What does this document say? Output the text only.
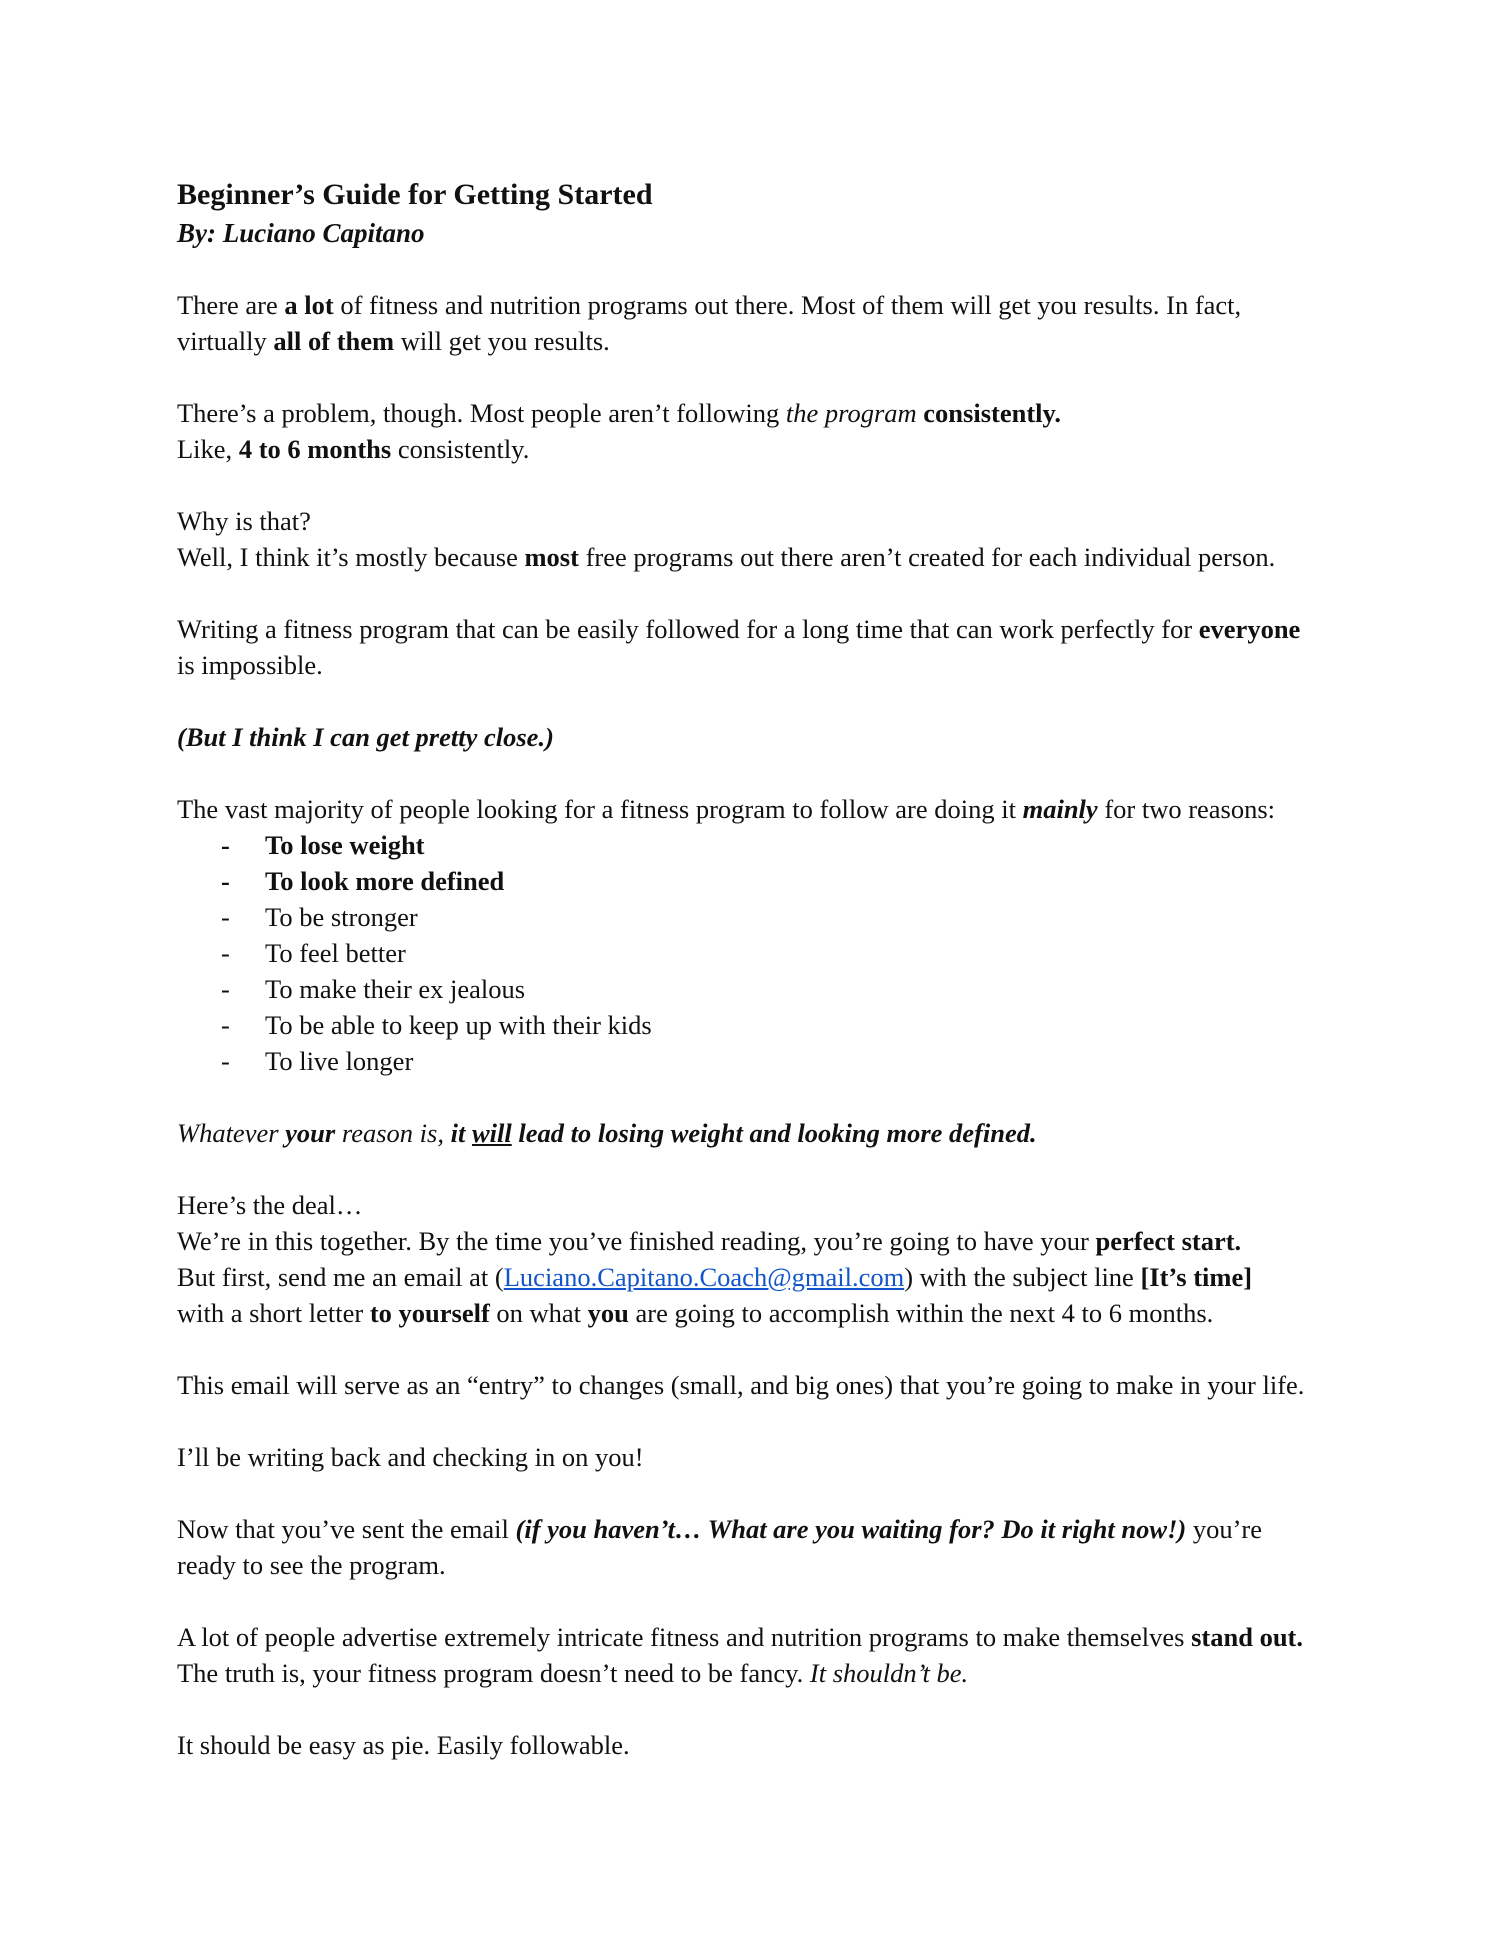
Beginner’s Guide for Getting Started
By: Luciano Capitano

There are a lot of fitness and nutrition programs out there. Most of them will get you results. In fact,
virtually all of them will get you results.

There’s a problem, though. Most people aren’t following the program consistently.
Like, 4 to 6 months consistently.

Why is that?
Well, I think it’s mostly because most free programs out there aren’t created for each individual person.

Writing a fitness program that can be easily followed for a long time that can work perfectly for everyone
is impossible.

(But I think I can get pretty close.)

The vast majority of people looking for a fitness program to follow are doing it mainly for two reasons:
- To lose weight
- To look more defined
- To be stronger
- To feel better
- To make their ex jealous
- To be able to keep up with their kids
- To live longer

Whatever your reason is, it will lead to losing weight and looking more defined.

Here’s the deal…
We’re in this together. By the time you’ve finished reading, you’re going to have your perfect start.
But first, send me an email at (Luciano.Capitano.Coach@gmail.com) with the subject line [It’s time]
with a short letter to yourself on what you are going to accomplish within the next 4 to 6 months.

This email will serve as an “entry” to changes (small, and big ones) that you’re going to make in your life.

I’ll be writing back and checking in on you!

Now that you’ve sent the email (if you haven’t… What are you waiting for? Do it right now!) you’re
ready to see the program.

A lot of people advertise extremely intricate fitness and nutrition programs to make themselves stand out.
The truth is, your fitness program doesn’t need to be fancy. It shouldn’t be.

It should be easy as pie. Easily followable.
